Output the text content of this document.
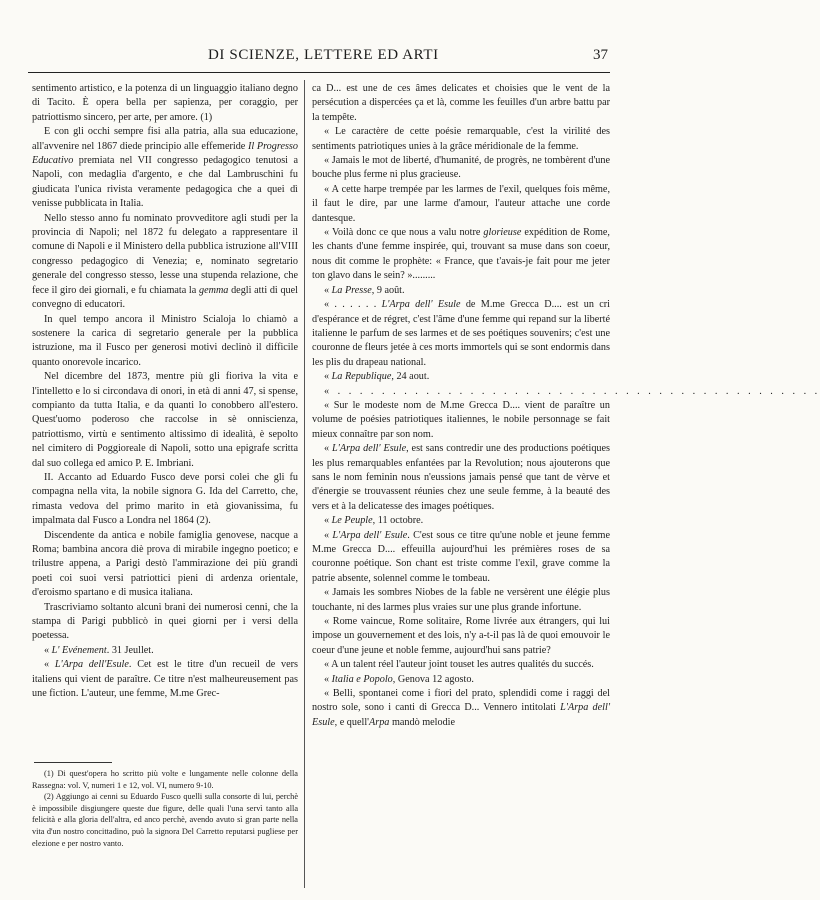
DI SCIENZE, LETTERE ED ARTI	37

sentimento artistico, e la potenza di un linguaggio italiano degno di Tacito. È opera bella per sapienza, per coraggio, per patriottismo sincero, per arte, per amore. (1)

E con gli occhi sempre fisi alla patria, alla sua educazione, all'avvenire nel 1867 diede principio alle effemeride Il Progresso Educativo premiata nel VII congresso pedagogico tenutosi a Napoli, con medaglia d'argento, e che dal Lambruschini fu giudicata l'unica rivista veramente pedagogica che a quei dì venisse pubblicata in Italia.

Nello stesso anno fu nominato provveditore agli studi per la provincia di Napoli; nel 1872 fu delegato a rappresentare il comune di Napoli e il Ministero della pubblica istruzione all'VIII congresso pedagogico di Venezia; e, nominato segretario generale del congresso stesso, lesse una stupenda relazione, che fece il giro dei giornali, e fu chiamata la gemma degli atti di quel convegno di educatori.

In quel tempo ancora il Ministro Scialoja lo chiamò a sostenere la carica di segretario generale per la pubblica istruzione, ma il Fusco per generosi motivi declinò il difficile quanto onorevole incarico.

Nel dicembre del 1873, mentre più gli fioriva la vita e l'intelletto e lo si circondava di onori, in età di anni 47, si spense, compianto da tutta Italia, e da quanti lo conobbero all'estero. Quest'uomo poderoso che raccolse in sè onniscienza, patriottismo, virtù e sentimento altissimo di idealità, è sepolto nel cimitero di Poggioreale di Napoli, sotto una epigrafe scritta dal suo collega ed amico P. E. Imbriani.

II. Accanto ad Eduardo Fusco deve porsi colei che gli fu compagna nella vita, la nobile signora G. Ida del Carretto, che, rimasta vedova del primo marito in età giovanissima, fu impalmata dal Fusco a Londra nel 1864 (2).

Discendente da antica e nobile famiglia genovese, nacque a Roma; bambina ancora diè prova di mirabile ingegno poetico; e trilustre appena, a Parigi destò l'ammirazione dei più grandi poeti coi suoi versi patriottici pieni di ardenza orientale, d'eroismo spartano e di musica italiana.

Trascriviamo soltanto alcuni brani dei numerosi cenni, che la stampa di Parigi pubblicò in quei giorni per i versi della poetessa.

« L' Evénement. 31 Jeullet.

« L'Arpa dell'Esule. Cet est le titre d'un recueil de vers italiens qui vient de paraître. Ce titre n'est malheureusement pas une fiction. L'auteur, une femme, M.me Grec-

(1) Di quest'opera ho scritto più volte e lungamente nelle colonne della Rassegna: vol. V, numeri 1 e 12, vol. VI, numero 9-10.

(2) Aggiungo ai cenni su Eduardo Fusco quelli sulla consorte di lui, perchè è impossibile disgiungere queste due figure, delle quali l'una servì tanto alla felicità e alla gloria dell'altra, ed anco perchè, avendo avuto sì gran parte nella vita d'un nostro concittadino, può la signora Del Carretto reputarsi pugliese per elezione e per nostro vanto.

ca D... est une de ces âmes delicates et choisies que le vent de la persécution a dispercées ça et là, comme les feuilles d'un arbre battu par la tempête.

« Le caractère de cette poésie remarquable, c'est la virilité des sentiments patriotiques unies à la grâce méridionale de la femme.

« Jamais le mot de liberté, d'humanité, de progrès, ne tombèrent d'une bouche plus ferme ni plus gracieuse.

« A cette harpe trempée par les larmes de l'exil, quelques fois même, il faut le dire, par une larme d'amour, l'auteur attache une corde dantesque.

« Voilà donc ce que nous a valu notre glorieuse expédition de Rome, les chants d'une femme inspirée, qui, trouvant sa muse dans son coeur, nous dit comme le prophète: « France, que t'avais-je fait pour me jeter ton glavo dans le sein? ».........

« La Presse, 9 août.

« . . . . . . L'Arpa dell' Esule de M.me Grecca D.... est un cri d'espérance et de régret, c'est l'âme d'une femme qui repand sur la liberté italienne le parfum de ses larmes et de ses poétiques souvenirs; c'est une couronne de fleurs jetée à ces morts immortels qui se sont endormis dans les plis du drapeau national.

« La Republique, 24 aout.

« . . . . . . . . . . . . . . . . . . . . . . . . . . . . . . . . . . . . . . . . . . . .

« Sur le modeste nom de M.me Grecca D.... vient de paraître un volume de poésies patriotiques italiennes, le nobile personnage se fait mieux connaître par son nom.

« L'Arpa dell' Esule, est sans contredir une des productions poétiques les plus remarquables enfantées par la Revolution; nous ajouterons que sans le nom feminin nous n'eussions jamais pensé que tant de vèrve et d'énergie se trouvassent réunies chez une seule femme, à la beauté des vers et à la delicatesse des images poétiques.

« Le Peuple, 11 octobre.

« L'Arpa dell' Esule. C'est sous ce titre qu'une noble et jeune femme M.me Grecca D.... effeuilla aujourd'hui les prémières roses de sa couronne poétique. Son chant est triste comme l'exil, grave comme la patrie absente, solennel comme le tombeau.

« Jamais les sombres Niobes de la fable ne versèrent une élégie plus touchante, ni des larmes plus vraies sur une plus grande infortune.

« Rome vaincue, Rome solitaire, Rome livrée aux étrangers, qui lui impose un gouvernement et des lois, n'y a-t-il pas là de quoi emouvoir le coeur d'une jeune et noble femme, aujourd'hui sans patrie?

« A un talent réel l'auteur joint touset les autres qualités du succés.

« Italia e Popolo, Genova 12 agosto.

« Belli, spontanei come i fiori del prato, splendidi come i raggi del nostro sole, sono i canti di Grecca D... Vennero intitolati L'Arpa dell' Esule, e quell'Arpa mandò melodie
